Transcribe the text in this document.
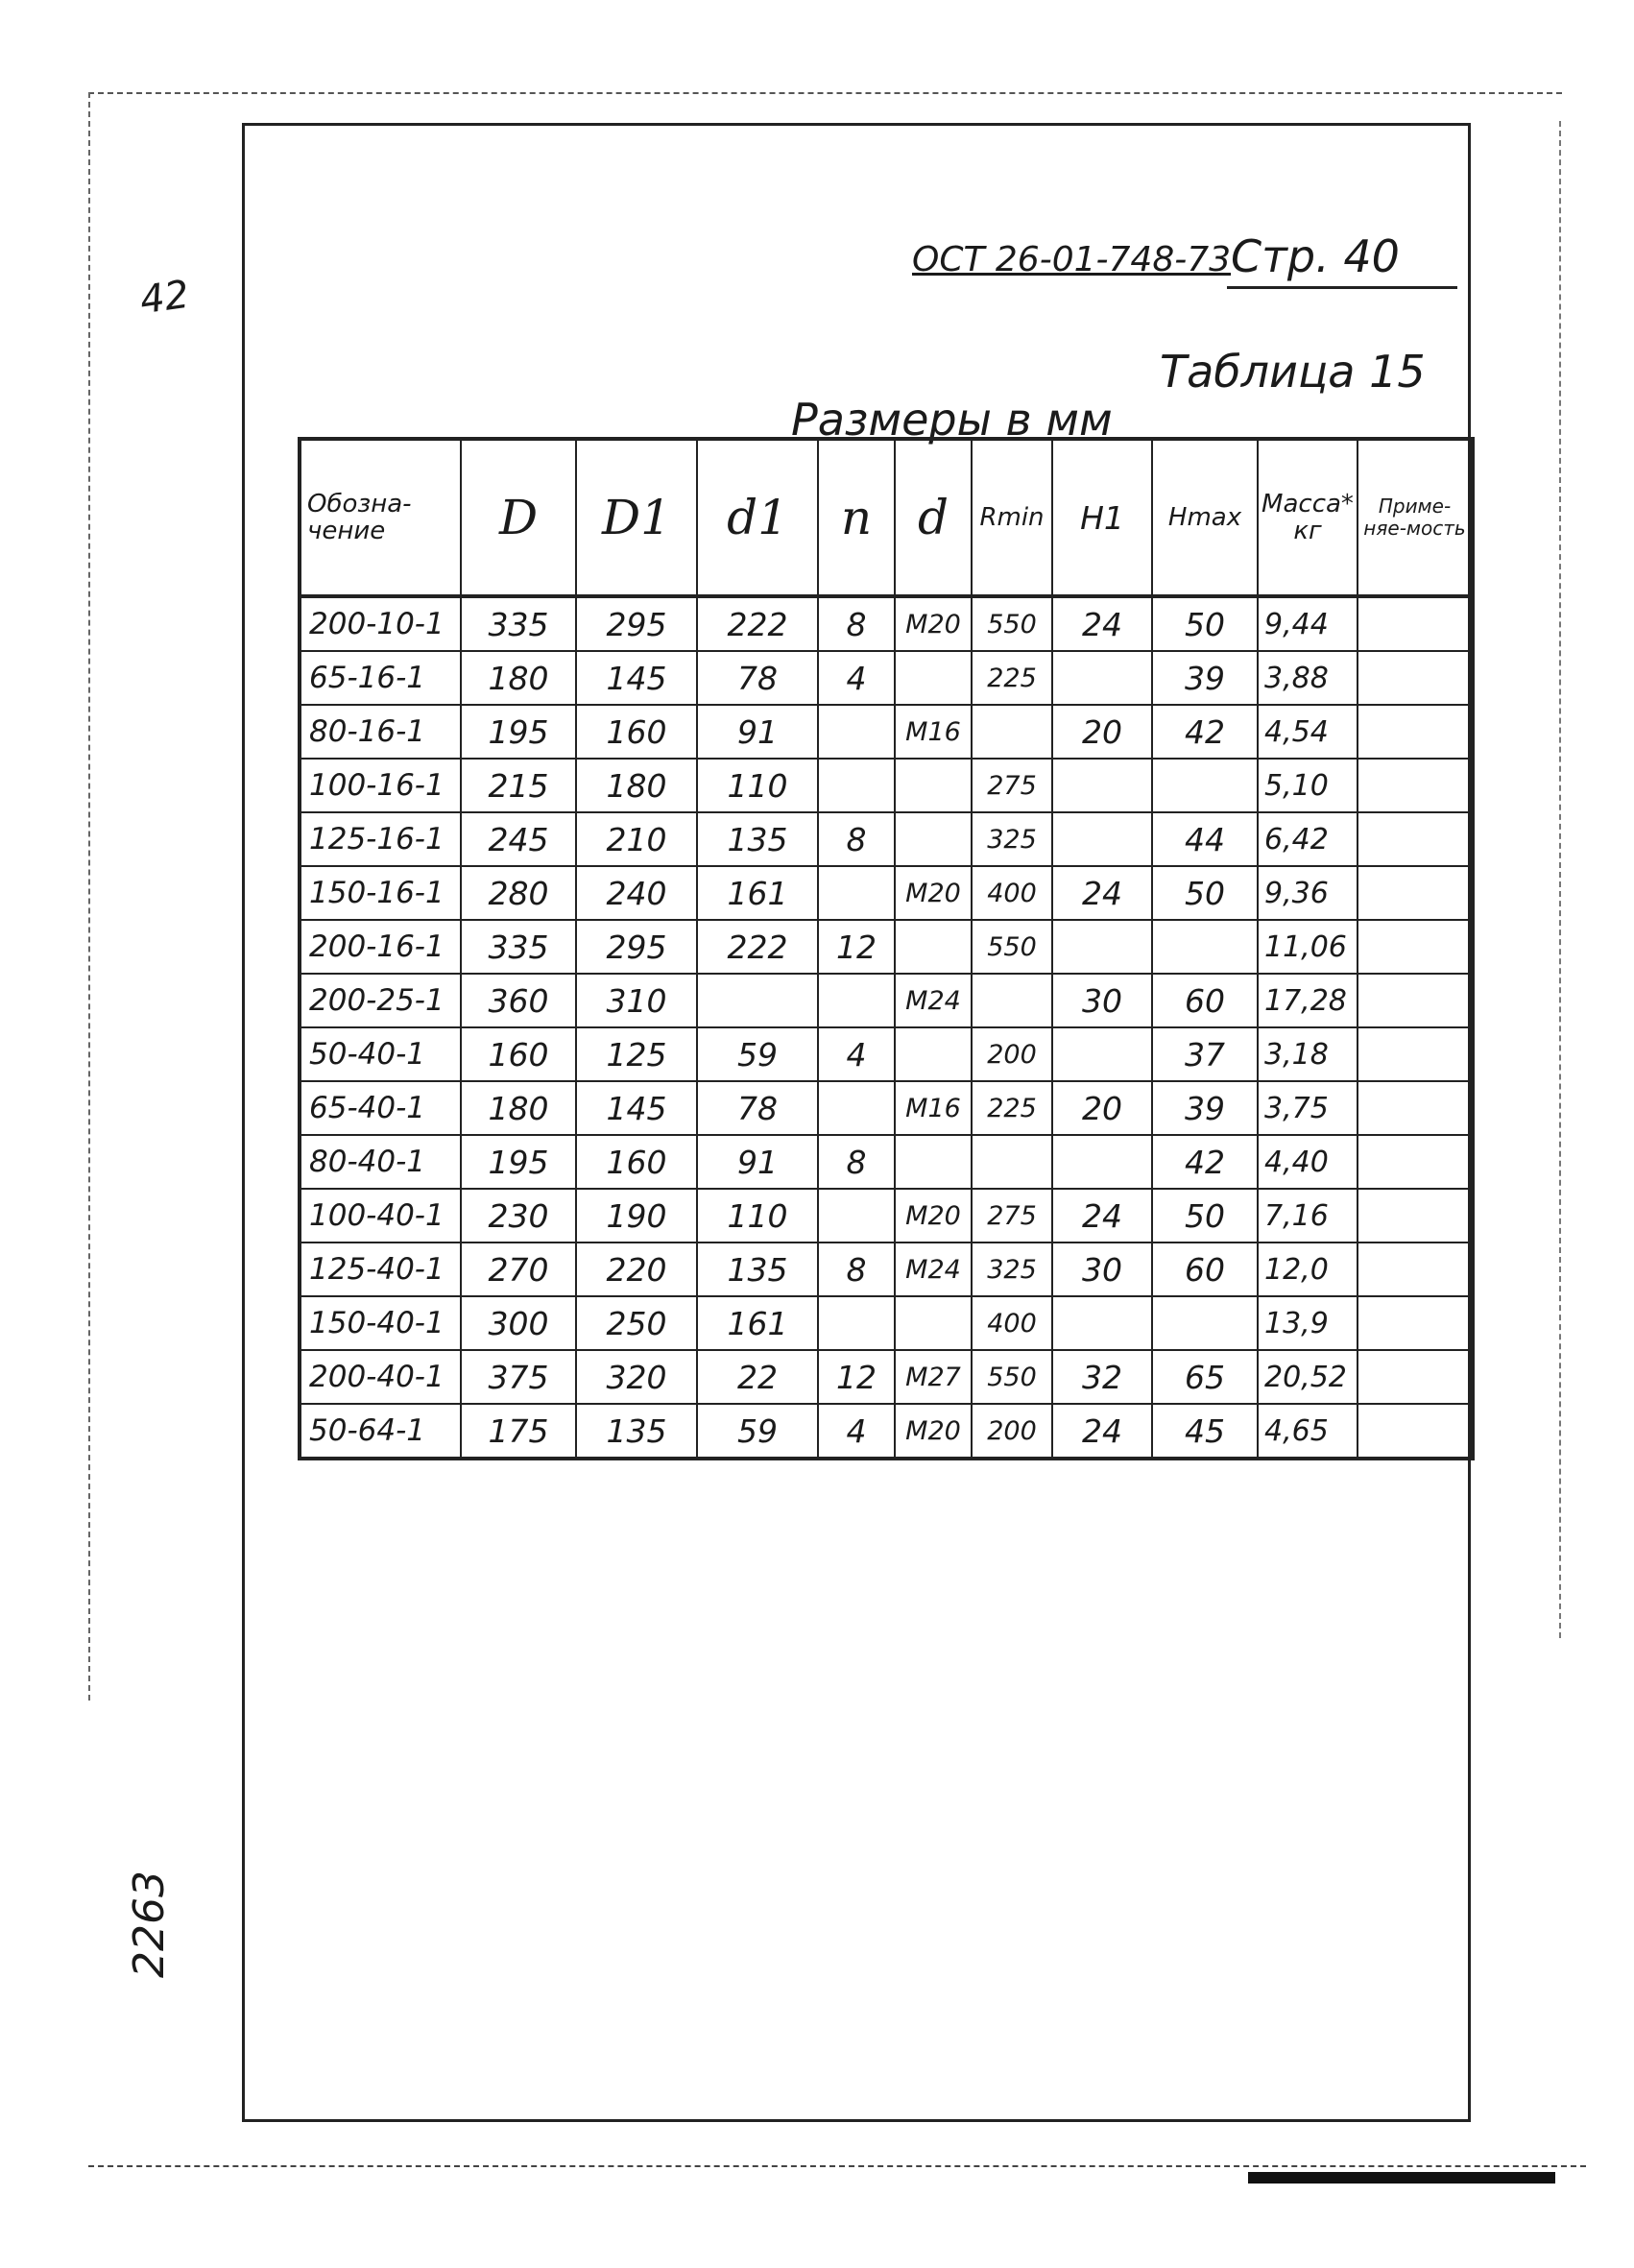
42
2263
ОСТ 26-01-748-73 Стр. 40
Таблица 15
Размеры в мм
Обозна-чение	D	D1	d1	n	d	Rmin	H1	Hmax	Масса* кг	Приме-няе-мость
200-10-1	335	295	222	8	M20	550	24	50	9,44	
65-16-1	180	145	78	4		225		39	3,88	
80-16-1	195	160	91		M16		20	42	4,54	
100-16-1	215	180	110			275			5,10	
125-16-1	245	210	135	8		325		44	6,42	
150-16-1	280	240	161		M20	400	24	50	9,36	
200-16-1	335	295	222	12		550			11,06	
200-25-1	360	310			M24		30	60	17,28	
50-40-1	160	125	59	4		200		37	3,18	
65-40-1	180	145	78		M16	225	20	39	3,75	
80-40-1	195	160	91	8				42	4,40	
100-40-1	230	190	110		M20	275	24	50	7,16	
125-40-1	270	220	135	8	M24	325	30	60	12,0	
150-40-1	300	250	161			400			13,9	
200-40-1	375	320	22	12	M27	550	32	65	20,52	
50-64-1	175	135	59	4	M20	200	24	45	4,65	
